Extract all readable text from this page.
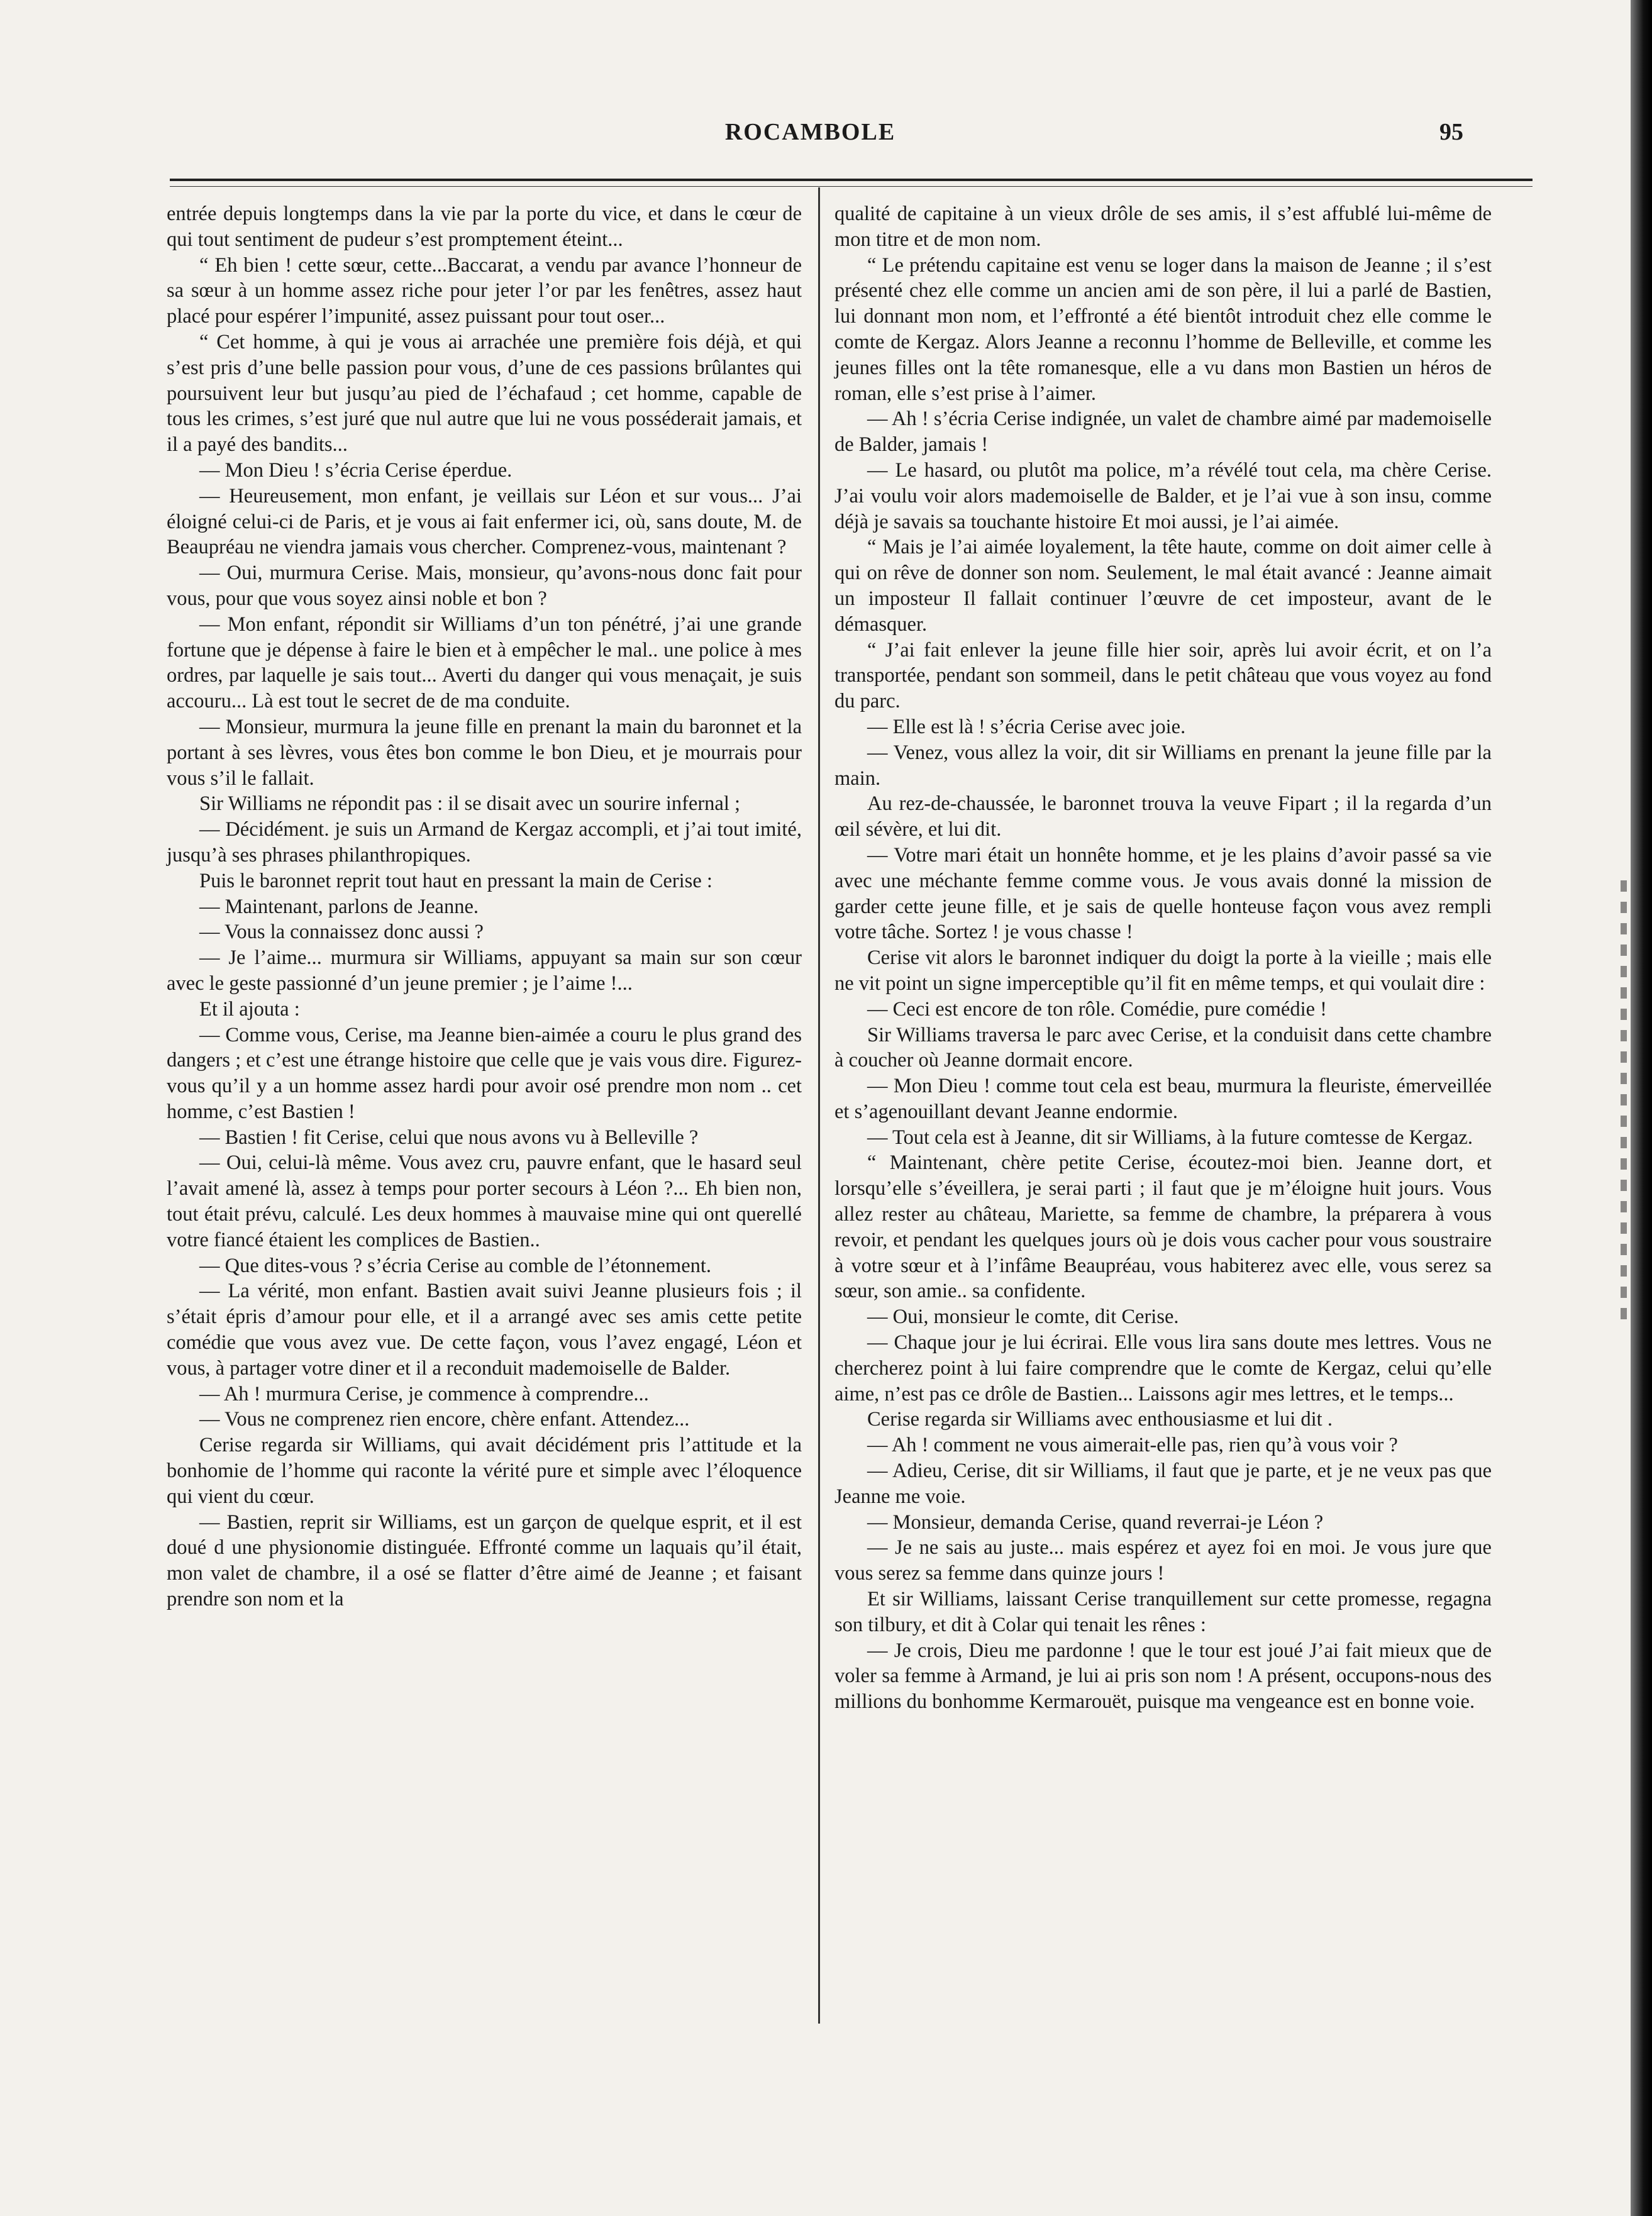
ROCAMBOLE	95

entrée depuis longtemps dans la vie par la porte du vice, et dans le cœur de qui tout sentiment de pudeur s’est promptement éteint...

“ Eh bien ! cette sœur, cette...Baccarat, a vendu par avance l’honneur de sa sœur à un homme assez riche pour jeter l’or par les fenêtres, assez haut placé pour espérer l’impunité, assez puissant pour tout oser...

“ Cet homme, à qui je vous ai arrachée une première fois déjà, et qui s’est pris d’une belle passion pour vous, d’une de ces passions brûlantes qui poursuivent leur but jusqu’au pied de l’échafaud ; cet homme, capable de tous les crimes, s’est juré que nul autre que lui ne vous posséderait jamais, et il a payé des bandits...

— Mon Dieu ! s’écria Cerise éperdue.

— Heureusement, mon enfant, je veillais sur Léon et sur vous... J’ai éloigné celui-ci de Paris, et je vous ai fait enfermer ici, où, sans doute, M. de Beaupréau ne viendra jamais vous chercher. Comprenez-vous, maintenant ?

— Oui, murmura Cerise. Mais, monsieur, qu’avons-nous donc fait pour vous, pour que vous soyez ainsi noble et bon ?

— Mon enfant, répondit sir Williams d’un ton pénétré, j’ai une grande fortune que je dépense à faire le bien et à empêcher le mal.. une police à mes ordres, par laquelle je sais tout... Averti du danger qui vous menaçait, je suis accouru... Là est tout le secret de de ma conduite.

— Monsieur, murmura la jeune fille en prenant la main du baronnet et la portant à ses lèvres, vous êtes bon comme le bon Dieu, et je mourrais pour vous s’il le fallait.

Sir Williams ne répondit pas : il se disait avec un sourire infernal ;

— Décidément. je suis un Armand de Kergaz accompli, et j’ai tout imité, jusqu’à ses phrases philanthropiques.

Puis le baronnet reprit tout haut en pressant la main de Cerise :

— Maintenant, parlons de Jeanne.

— Vous la connaissez donc aussi ?

— Je l’aime... murmura sir Williams, appuyant sa main sur son cœur avec le geste passionné d’un jeune premier ; je l’aime !...

Et il ajouta :

— Comme vous, Cerise, ma Jeanne bien-aimée a couru le plus grand des dangers ; et c’est une étrange histoire que celle que je vais vous dire. Figurez-vous qu’il y a un homme assez hardi pour avoir osé prendre mon nom .. cet homme, c’est Bastien !

— Bastien ! fit Cerise, celui que nous avons vu à Belleville ?

— Oui, celui-là même. Vous avez cru, pauvre enfant, que le hasard seul l’avait amené là, assez à temps pour porter secours à Léon ?... Eh bien non, tout était prévu, calculé. Les deux hommes à mauvaise mine qui ont querellé votre fiancé étaient les complices de Bastien..

— Que dites-vous ? s’écria Cerise au comble de l’étonnement.

— La vérité, mon enfant. Bastien avait suivi Jeanne plusieurs fois ; il s’était épris d’amour pour elle, et il a arrangé avec ses amis cette petite comédie que vous avez vue. De cette façon, vous l’avez engagé, Léon et vous, à partager votre diner et il a reconduit mademoiselle de Balder.

— Ah ! murmura Cerise, je commence à comprendre...

— Vous ne comprenez rien encore, chère enfant. Attendez...

Cerise regarda sir Williams, qui avait décidément pris l’attitude et la bonhomie de l’homme qui raconte la vérité pure et simple avec l’éloquence qui vient du cœur.

— Bastien, reprit sir Williams, est un garçon de quelque esprit, et il est doué d une physionomie distinguée. Effronté comme un laquais qu’il était, mon valet de chambre, il a osé se flatter d’être aimé de Jeanne ; et faisant prendre son nom et la

qualité de capitaine à un vieux drôle de ses amis, il s’est affublé lui-même de mon titre et de mon nom.

“ Le prétendu capitaine est venu se loger dans la maison de Jeanne ; il s’est présenté chez elle comme un ancien ami de son père, il lui a parlé de Bastien, lui donnant mon nom, et l’effronté a été bientôt introduit chez elle comme le comte de Kergaz. Alors Jeanne a reconnu l’homme de Belleville, et comme les jeunes filles ont la tête romanesque, elle a vu dans mon Bastien un héros de roman, elle s’est prise à l’aimer.

— Ah ! s’écria Cerise indignée, un valet de chambre aimé par mademoiselle de Balder, jamais !

— Le hasard, ou plutôt ma police, m’a révélé tout cela, ma chère Cerise. J’ai voulu voir alors mademoiselle de Balder, et je l’ai vue à son insu, comme déjà je savais sa touchante histoire Et moi aussi, je l’ai aimée.

“ Mais je l’ai aimée loyalement, la tête haute, comme on doit aimer celle à qui on rêve de donner son nom. Seulement, le mal était avancé : Jeanne aimait un imposteur Il fallait continuer l’œuvre de cet imposteur, avant de le démasquer.

“ J’ai fait enlever la jeune fille hier soir, après lui avoir écrit, et on l’a transportée, pendant son sommeil, dans le petit château que vous voyez au fond du parc.

— Elle est là ! s’écria Cerise avec joie.

— Venez, vous allez la voir, dit sir Williams en prenant la jeune fille par la main.

Au rez-de-chaussée, le baronnet trouva la veuve Fipart ; il la regarda d’un œil sévère, et lui dit.

— Votre mari était un honnête homme, et je les plains d’avoir passé sa vie avec une méchante femme comme vous. Je vous avais donné la mission de garder cette jeune fille, et je sais de quelle honteuse façon vous avez rempli votre tâche. Sortez ! je vous chasse !

Cerise vit alors le baronnet indiquer du doigt la porte à la vieille ; mais elle ne vit point un signe imperceptible qu’il fit en même temps, et qui voulait dire :

— Ceci est encore de ton rôle. Comédie, pure comédie !

Sir Williams traversa le parc avec Cerise, et la conduisit dans cette chambre à coucher où Jeanne dormait encore.

— Mon Dieu ! comme tout cela est beau, murmura la fleuriste, émerveillée et s’agenouillant devant Jeanne endormie.

— Tout cela est à Jeanne, dit sir Williams, à la future comtesse de Kergaz.

“ Maintenant, chère petite Cerise, écoutez-moi bien. Jeanne dort, et lorsqu’elle s’éveillera, je serai parti ; il faut que je m’éloigne huit jours. Vous allez rester au château, Mariette, sa femme de chambre, la préparera à vous revoir, et pendant les quelques jours où je dois vous cacher pour vous soustraire à votre sœur et à l’infâme Beaupréau, vous habiterez avec elle, vous serez sa sœur, son amie.. sa confidente.

— Oui, monsieur le comte, dit Cerise.

— Chaque jour je lui écrirai. Elle vous lira sans doute mes lettres. Vous ne chercherez point à lui faire comprendre que le comte de Kergaz, celui qu’elle aime, n’est pas ce drôle de Bastien... Laissons agir mes lettres, et le temps...

Cerise regarda sir Williams avec enthousiasme et lui dit .

— Ah ! comment ne vous aimerait-elle pas, rien qu’à vous voir ?

— Adieu, Cerise, dit sir Williams, il faut que je parte, et je ne veux pas que Jeanne me voie.

— Monsieur, demanda Cerise, quand reverrai-je Léon ?

— Je ne sais au juste... mais espérez et ayez foi en moi. Je vous jure que vous serez sa femme dans quinze jours !

Et sir Williams, laissant Cerise tranquillement sur cette promesse, regagna son tilbury, et dit à Colar qui tenait les rênes :

— Je crois, Dieu me pardonne ! que le tour est joué J’ai fait mieux que de voler sa femme à Armand, je lui ai pris son nom ! A présent, occupons-nous des millions du bonhomme Kermarouët, puisque ma vengeance est en bonne voie.
